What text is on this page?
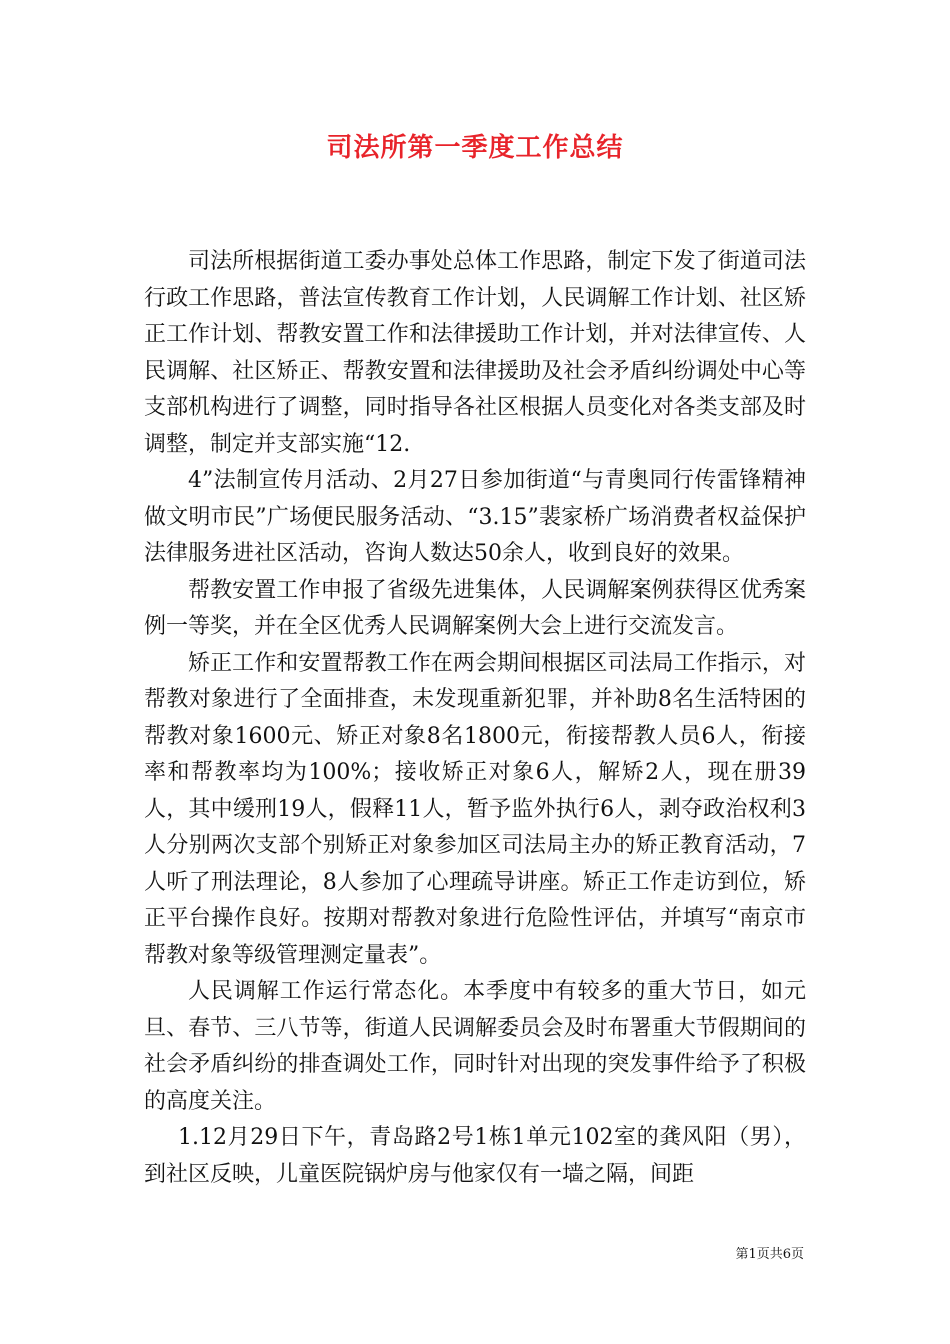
司法所第一季度工作总结

司法所根据街道工委办事处总体工作思路，制定下发了街道司法行政工作思路，普法宣传教育工作计划，人民调解工作计划、社区矫正工作计划、帮教安置工作和法律援助工作计划，并对法律宣传、人民调解、社区矫正、帮教安置和法律援助及社会矛盾纠纷调处中心等支部机构进行了调整，同时指导各社区根据人员变化对各类支部及时调整，制定并支部实施“12.

4”法制宣传月活动、2月27日参加街道“与青奥同行传雷锋精神做文明市民”广场便民服务活动、“3.15”裴家桥广场消费者权益保护法律服务进社区活动，咨询人数达50余人，收到良好的效果。

帮教安置工作申报了省级先进集体，人民调解案例获得区优秀案例一等奖，并在全区优秀人民调解案例大会上进行交流发言。

矫正工作和安置帮教工作在两会期间根据区司法局工作指示，对帮教对象进行了全面排查，未发现重新犯罪，并补助8名生活特困的帮教对象1600元、矫正对象8名1800元，衔接帮教人员6人，衔接率和帮教率均为100%；接收矫正对象6人，解矫2人，现在册39人，其中缓刑19人，假释11人，暂予监外执行6人，剥夺政治权利3人分别两次支部个别矫正对象参加区司法局主办的矫正教育活动，7人听了刑法理论，8人参加了心理疏导讲座。矫正工作走访到位，矫正平台操作良好。按期对帮教对象进行危险性评估，并填写“南京市帮教对象等级管理测定量表”。

人民调解工作运行常态化。本季度中有较多的重大节日，如元旦、春节、三八节等，街道人民调解委员会及时布署重大节假期间的社会矛盾纠纷的排查调处工作，同时针对出现的突发事件给予了积极的高度关注。

1.12月29日下午，青岛路2号1栋1单元102室的龚风阳（男），到社区反映，儿童医院锅炉房与他家仅有一墙之隔，间距

第1页共6页
